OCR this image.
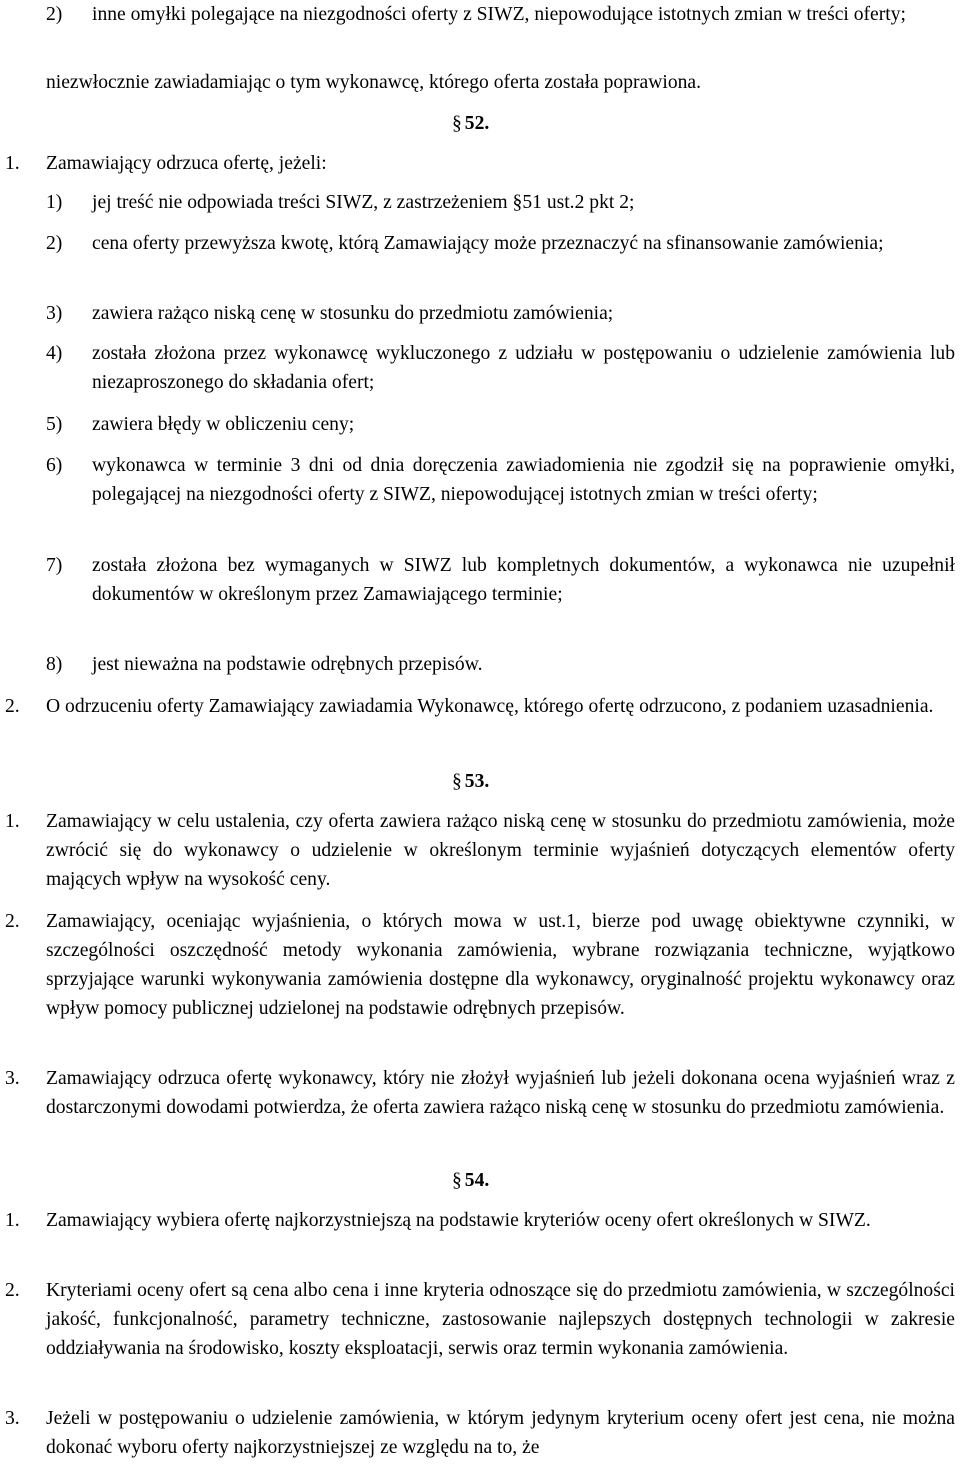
2) inne omyłki polegające na niezgodności oferty z SIWZ, niepowodujące istotnych zmian w treści oferty;

niezwłocznie zawiadamiając o tym wykonawcę, którego oferta została poprawiona.

§ 52.

1. Zamawiający odrzuca ofertę, jeżeli:

1) jej treść nie odpowiada treści SIWZ, z zastrzeżeniem §51 ust.2 pkt 2;

2) cena oferty przewyższa kwotę, którą Zamawiający może przeznaczyć na sfinansowanie zamówienia;

3) zawiera rażąco niską cenę w stosunku do przedmiotu zamówienia;

4) została złożona przez wykonawcę wykluczonego z udziału w postępowaniu o udzielenie zamówienia lub niezaproszonego do składania ofert;

5) zawiera błędy w obliczeniu ceny;

6) wykonawca w terminie 3 dni od dnia doręczenia zawiadomienia nie zgodził się na poprawienie omyłki, polegającej na niezgodności oferty z SIWZ, niepowodującej istotnych zmian w treści oferty;

7) została złożona bez wymaganych w SIWZ lub kompletnych dokumentów, a wykonawca nie uzupełnił dokumentów w określonym przez Zamawiającego terminie;

8) jest nieważna na podstawie odrębnych przepisów.

2. O odrzuceniu oferty Zamawiający zawiadamia Wykonawcę, którego ofertę odrzucono, z podaniem uzasadnienia.

§ 53.

1. Zamawiający w celu ustalenia, czy oferta zawiera rażąco niską cenę w stosunku do przedmiotu zamówienia, może zwrócić się do wykonawcy o udzielenie w określonym terminie wyjaśnień dotyczących elementów oferty mających wpływ na wysokość ceny.

2. Zamawiający, oceniając wyjaśnienia, o których mowa w ust.1, bierze pod uwagę obiektywne czynniki, w szczególności oszczędność metody wykonania zamówienia, wybrane rozwiązania techniczne, wyjątkowo sprzyjające warunki wykonywania zamówienia dostępne dla wykonawcy, oryginalność projektu wykonawcy oraz wpływ pomocy publicznej udzielonej na podstawie odrębnych przepisów.

3. Zamawiający odrzuca ofertę wykonawcy, który nie złożył wyjaśnień lub jeżeli dokonana ocena wyjaśnień wraz z dostarczonymi dowodami potwierdza, że oferta zawiera rażąco niską cenę w stosunku do przedmiotu zamówienia.

§ 54.

1. Zamawiający wybiera ofertę najkorzystniejszą na podstawie kryteriów oceny ofert określonych w SIWZ.

2. Kryteriami oceny ofert są cena albo cena i inne kryteria odnoszące się do przedmiotu zamówienia, w szczególności jakość, funkcjonalność, parametry techniczne, zastosowanie najlepszych dostępnych technologii w zakresie oddziaływania na środowisko, koszty eksploatacji, serwis oraz termin wykonania zamówienia.

3. Jeżeli w postępowaniu o udzielenie zamówienia, w którym jedynym kryterium oceny ofert jest cena, nie można dokonać wyboru oferty najkorzystniejszej ze względu na to, że
